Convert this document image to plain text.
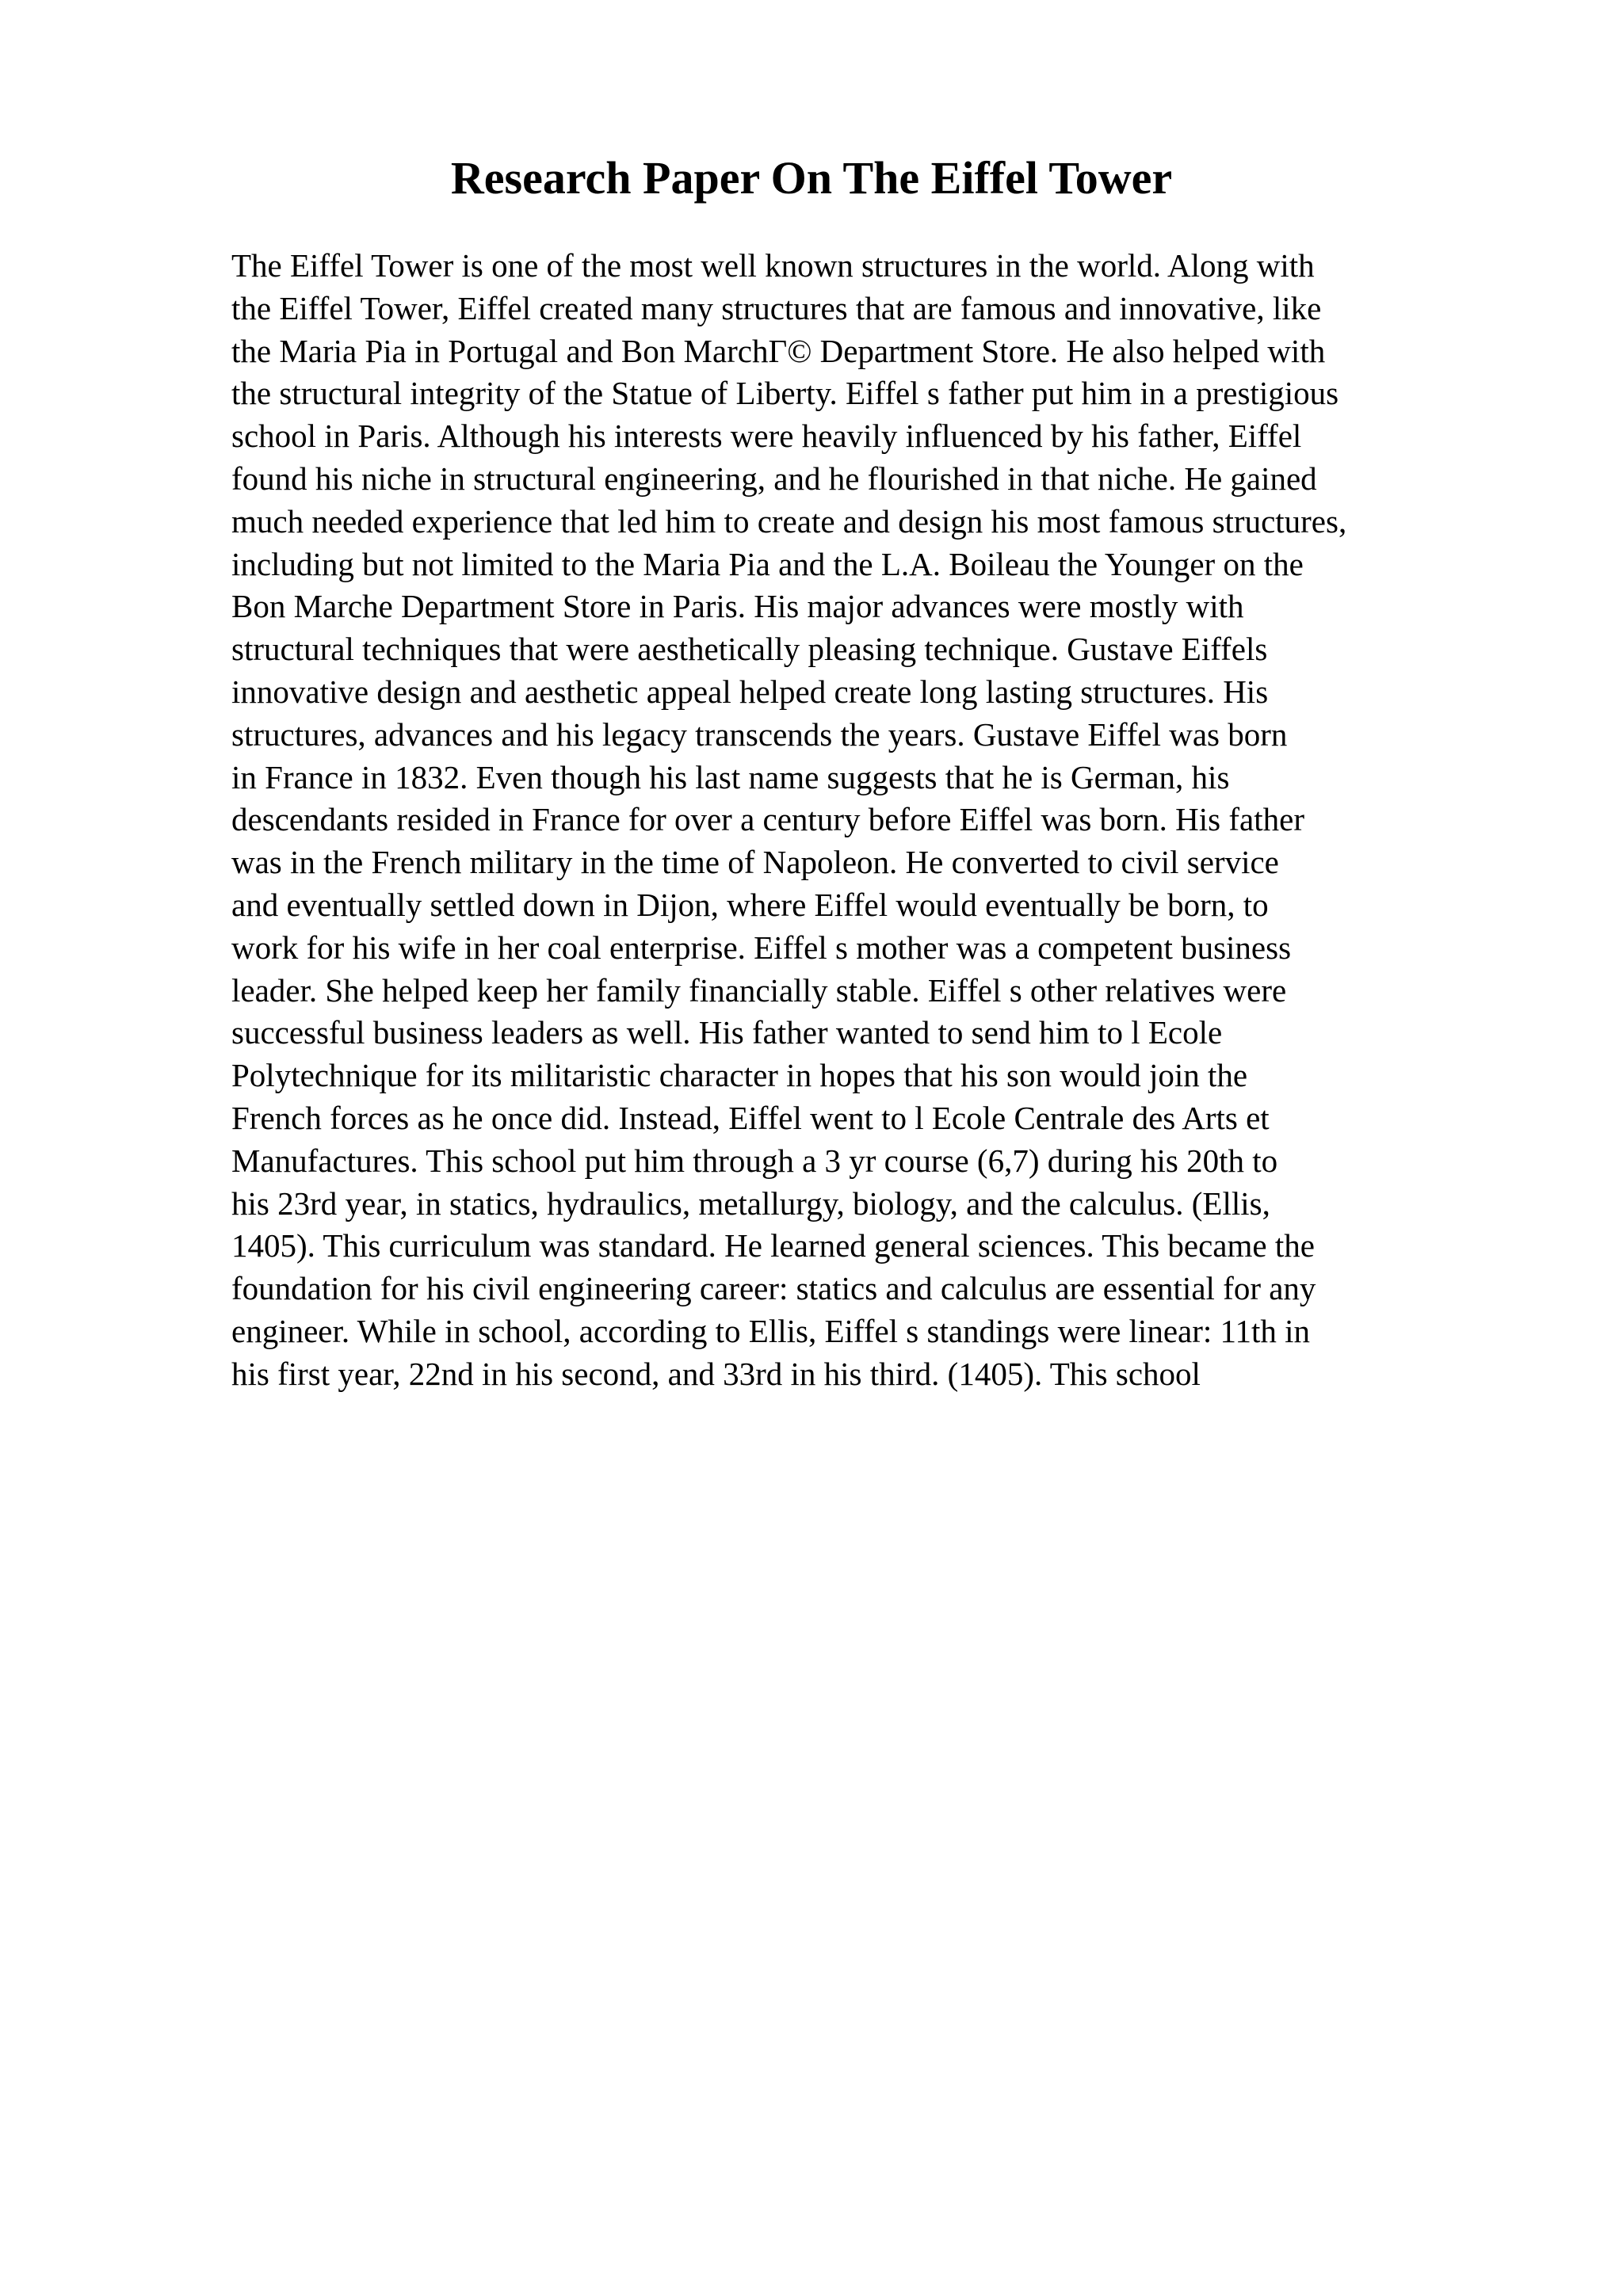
Research Paper On The Eiffel Tower
The Eiffel Tower is one of the most well known structures in the world. Along with
the Eiffel Tower, Eiffel created many structures that are famous and innovative, like
the Maria Pia in Portugal and Bon MarchΓ© Department Store. He also helped with
the structural integrity of the Statue of Liberty. Eiffel s father put him in a prestigious
school in Paris. Although his interests were heavily influenced by his father, Eiffel
found his niche in structural engineering, and he flourished in that niche. He gained
much needed experience that led him to create and design his most famous structures,
including but not limited to the Maria Pia and the L.A. Boileau the Younger on the
Bon Marche Department Store in Paris. His major advances were mostly with
structural techniques that were aesthetically pleasing technique. Gustave Eiffels
innovative design and aesthetic appeal helped create long lasting structures. His
structures, advances and his legacy transcends the years. Gustave Eiffel was born
in France in 1832. Even though his last name suggests that he is German, his
descendants resided in France for over a century before Eiffel was born. His father
was in the French military in the time of Napoleon. He converted to civil service
and eventually settled down in Dijon, where Eiffel would eventually be born, to
work for his wife in her coal enterprise. Eiffel s mother was a competent business
leader. She helped keep her family financially stable. Eiffel s other relatives were
successful business leaders as well. His father wanted to send him to l Ecole
Polytechnique for its militaristic character in hopes that his son would join the
French forces as he once did. Instead, Eiffel went to l Ecole Centrale des Arts et
Manufactures. This school put him through a 3 yr course (6,7) during his 20th to
his 23rd year, in statics, hydraulics, metallurgy, biology, and the calculus. (Ellis,
1405). This curriculum was standard. He learned general sciences. This became the
foundation for his civil engineering career: statics and calculus are essential for any
engineer. While in school, according to Ellis, Eiffel s standings were linear: 11th in
his first year, 22nd in his second, and 33rd in his third. (1405). This school
